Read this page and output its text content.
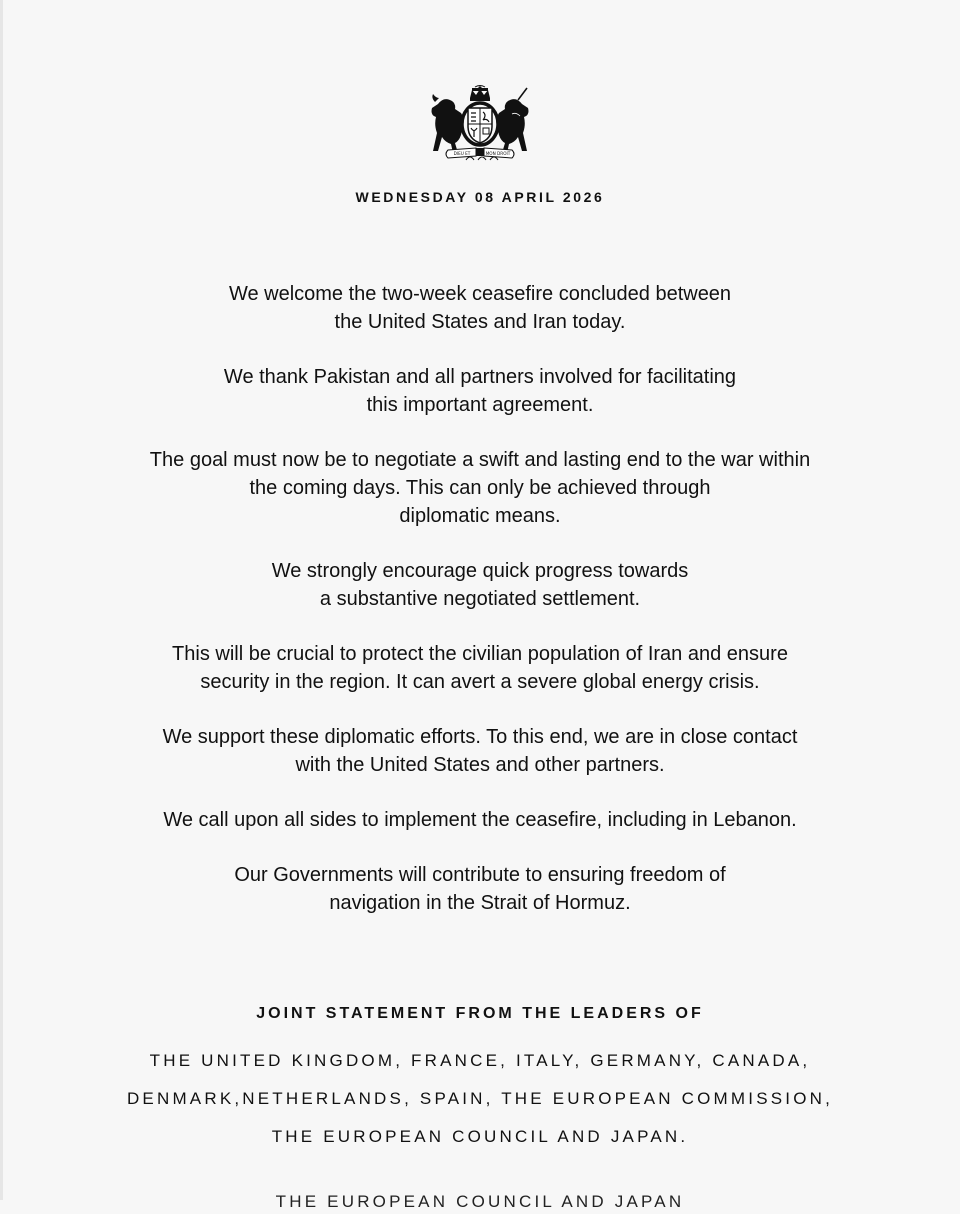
DIEU ET	MON DROIT
WEDNESDAY 08 APRIL 2026

We welcome the two-week ceasefire concluded between
the United States and Iran today.

We thank Pakistan and all partners involved for facilitating
this important agreement.

The goal must now be to negotiate a swift and lasting end to the war within
the coming days. This can only be achieved through
diplomatic means.

We strongly encourage quick progress towards
a substantive negotiated settlement.

This will be crucial to protect the civilian population of Iran and ensure
security in the region. It can avert a severe global energy crisis.

We support these diplomatic efforts. To this end, we are in close contact
with the United States and other partners.

We call upon all sides to implement the ceasefire, including in Lebanon.

Our Governments will contribute to ensuring freedom of
navigation in the Strait of Hormuz.

JOINT STATEMENT FROM THE LEADERS OF
THE UNITED KINGDOM, FRANCE, ITALY, GERMANY, CANADA,
DENMARK,NETHERLANDS, SPAIN, THE EUROPEAN COMMISSION,
THE EUROPEAN COUNCIL AND JAPAN.
THE EUROPEAN COUNCIL AND JAPAN
